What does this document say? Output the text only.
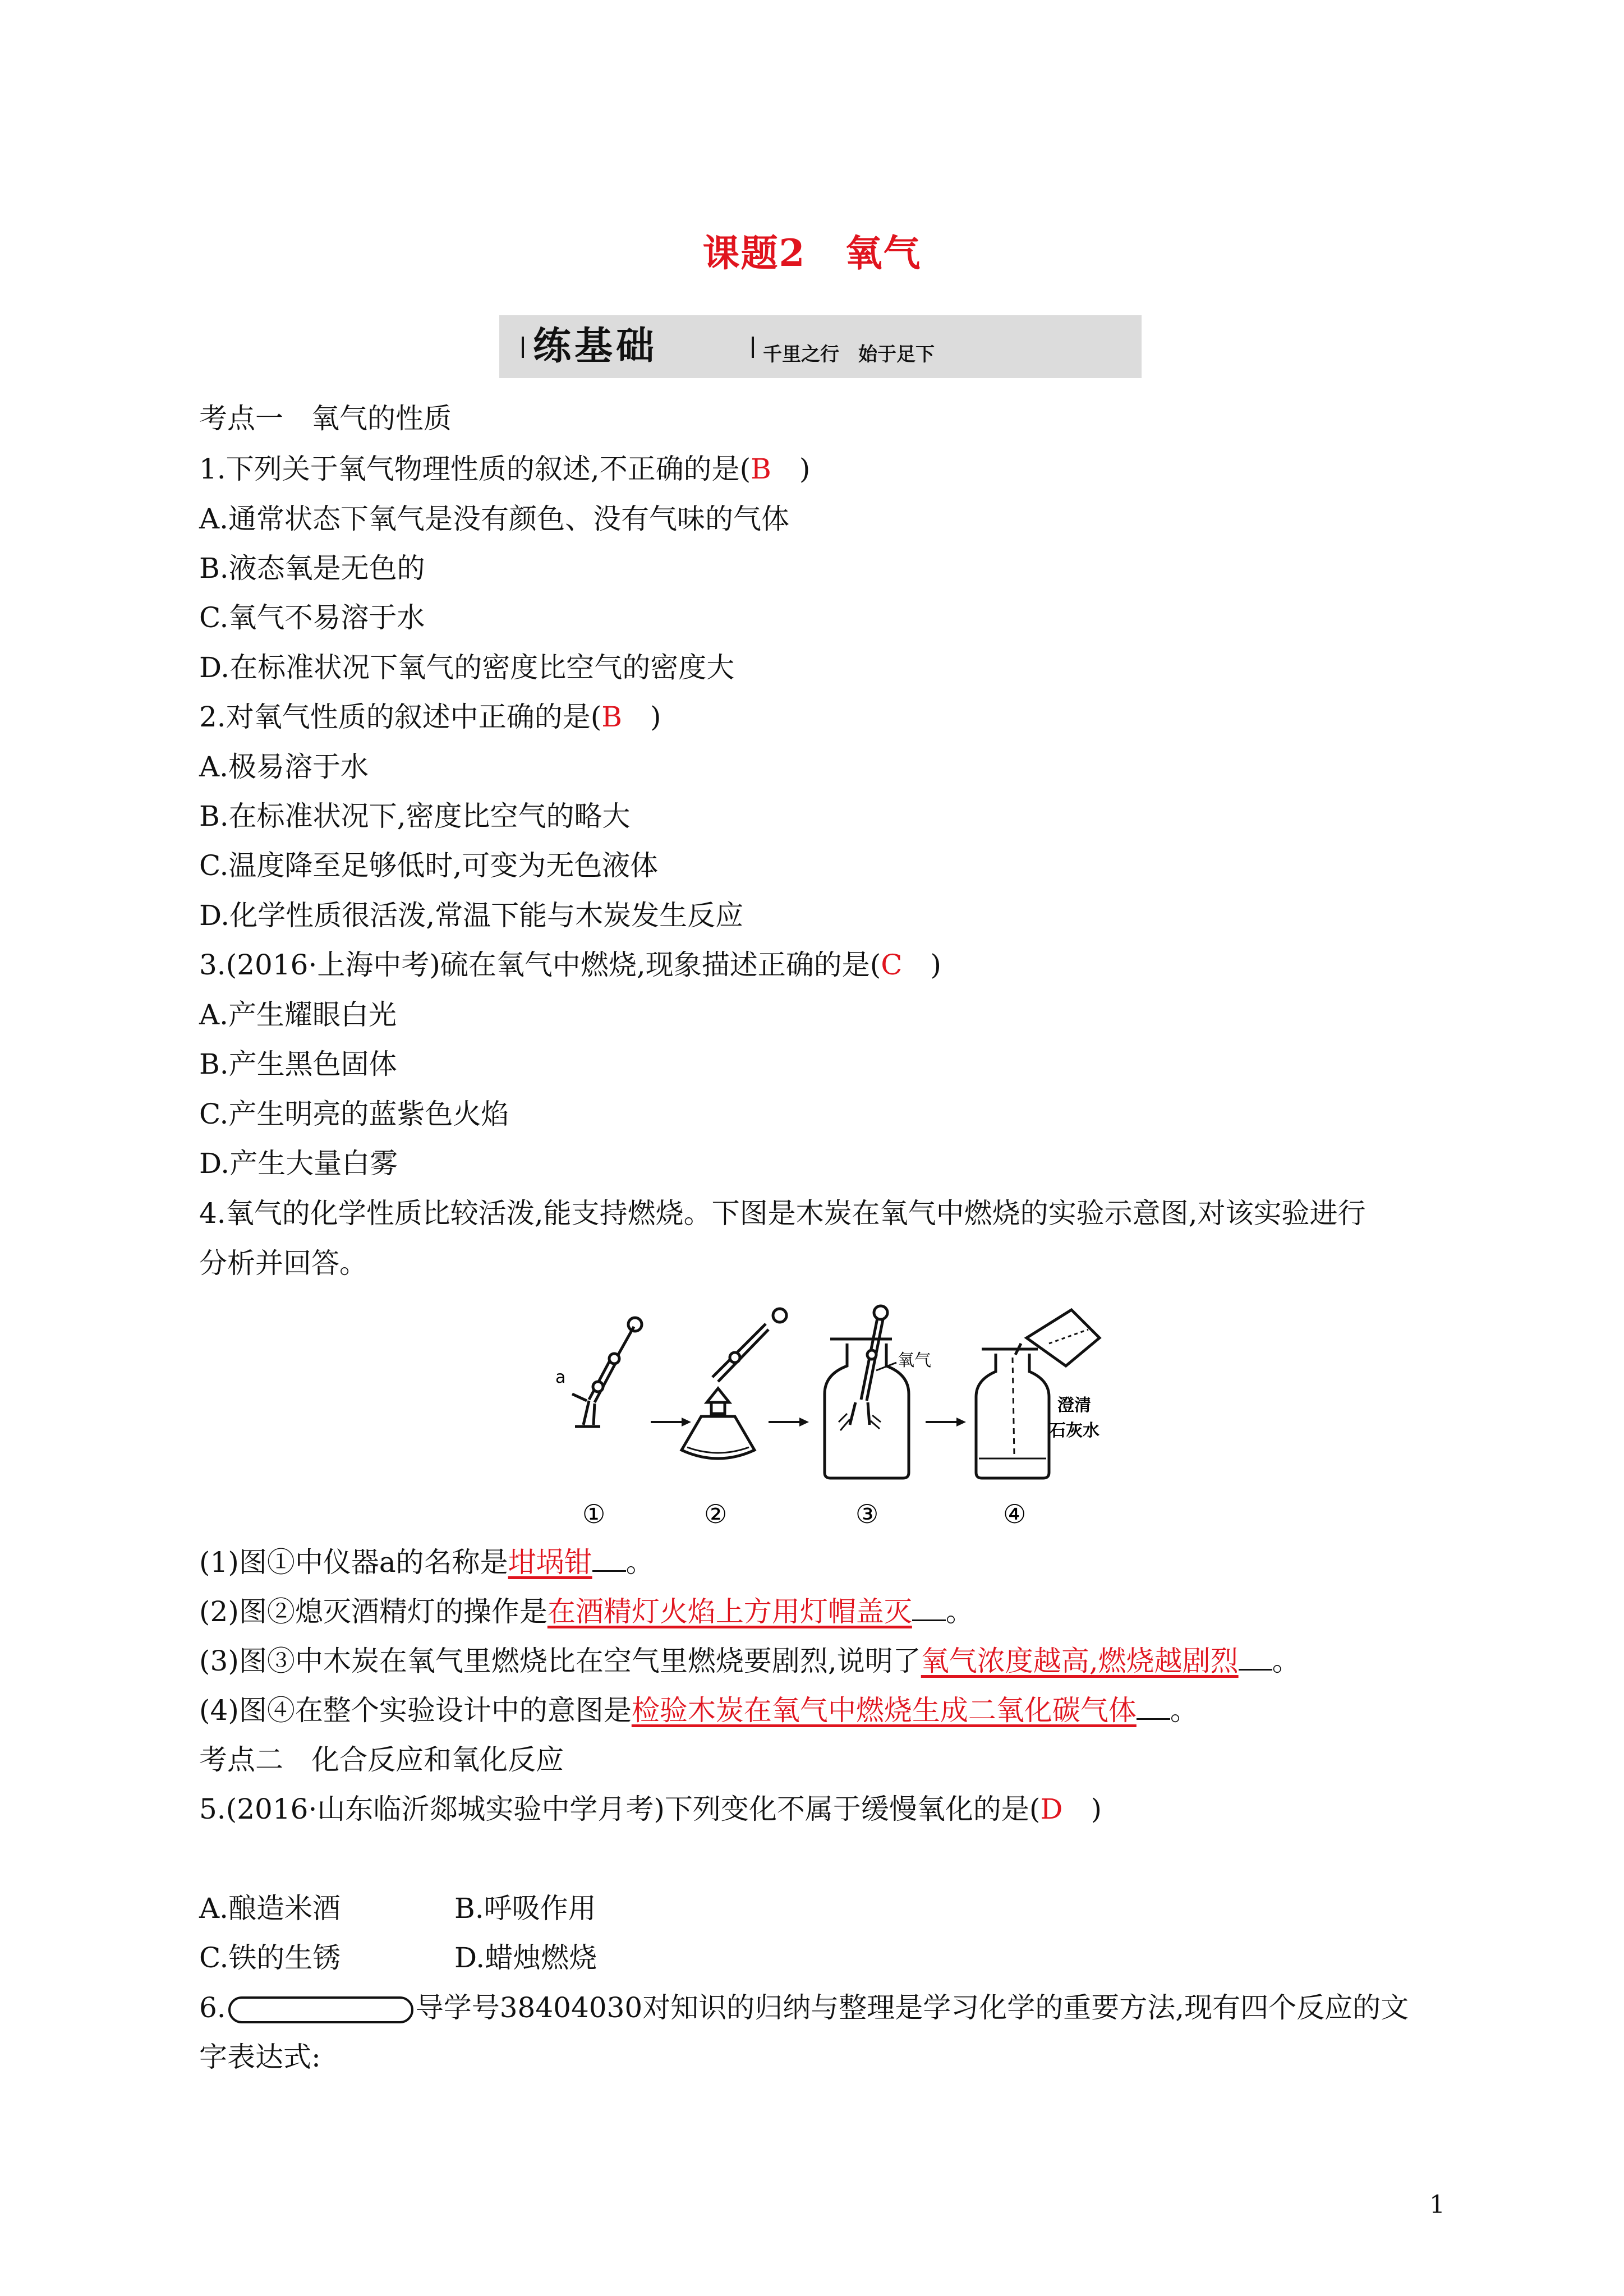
课题2 氧气
练基础	千里之行　始于足下
考点一　氧气的性质
1.下列关于氧气物理性质的叙述,不正确的是(B　)
A.通常状态下氧气是没有颜色、没有气味的气体
B.液态氧是无色的
C.氧气不易溶于水
D.在标准状况下氧气的密度比空气的密度大
2.对氧气性质的叙述中正确的是(B　)
A.极易溶于水
B.在标准状况下,密度比空气的略大
C.温度降至足够低时,可变为无色液体
D.化学性质很活泼,常温下能与木炭发生反应
3.(2016·上海中考)硫在氧气中燃烧,现象描述正确的是(C　)
A.产生耀眼白光
B.产生黑色固体
C.产生明亮的蓝紫色火焰
D.产生大量白雾
4.氧气的化学性质比较活泼,能支持燃烧。下图是木炭在氧气中燃烧的实验示意图,对该实验进行
分析并回答。
a
氧气
澄清
石灰水
①	②	③	④
(1)图①中仪器a的名称是坩埚钳 。
(2)图②熄灭酒精灯的操作是在酒精灯火焰上方用灯帽盖灭 。
(3)图③中木炭在氧气里燃烧比在空气里燃烧要剧烈,说明了氧气浓度越高,燃烧越剧烈 。
(4)图④在整个实验设计中的意图是检验木炭在氧气中燃烧生成二氧化碳气体 。
考点二　化合反应和氧化反应
5.(2016·山东临沂郯城实验中学月考)下列变化不属于缓慢氧化的是(D　)
A.酿造米酒	B.呼吸作用
C.铁的生锈	D.蜡烛燃烧
6.	导学号38404030对知识的归纳与整理是学习化学的重要方法,现有四个反应的文
字表达式:
1
